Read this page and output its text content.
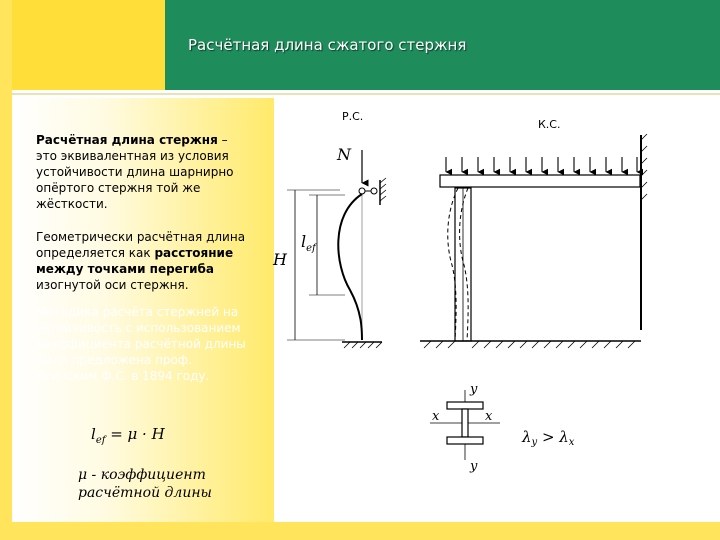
Расчётная длина сжатого стержня
Расчётная длина стержня –
это эквивалентная из условия
устойчивости длина шарнирно
опёртого стержня той же
жёсткости.
Геометрически расчётная длина
определяется как расстояние
между точками перегиба
изогнутой оси стержня.
Методика расчёта стержней на
устойчивость с использованием
коэффициента расчётной длины
была предложена проф.
Ясинским Ф.С. в 1894 году.
$l_{ef} = \mu \cdot H$
μ - коэффициент
расчётной длины
Р.С.
К.С.
N
H
$l_{ef}$
y
y
x	x
$\lambda_y > \lambda_x$
